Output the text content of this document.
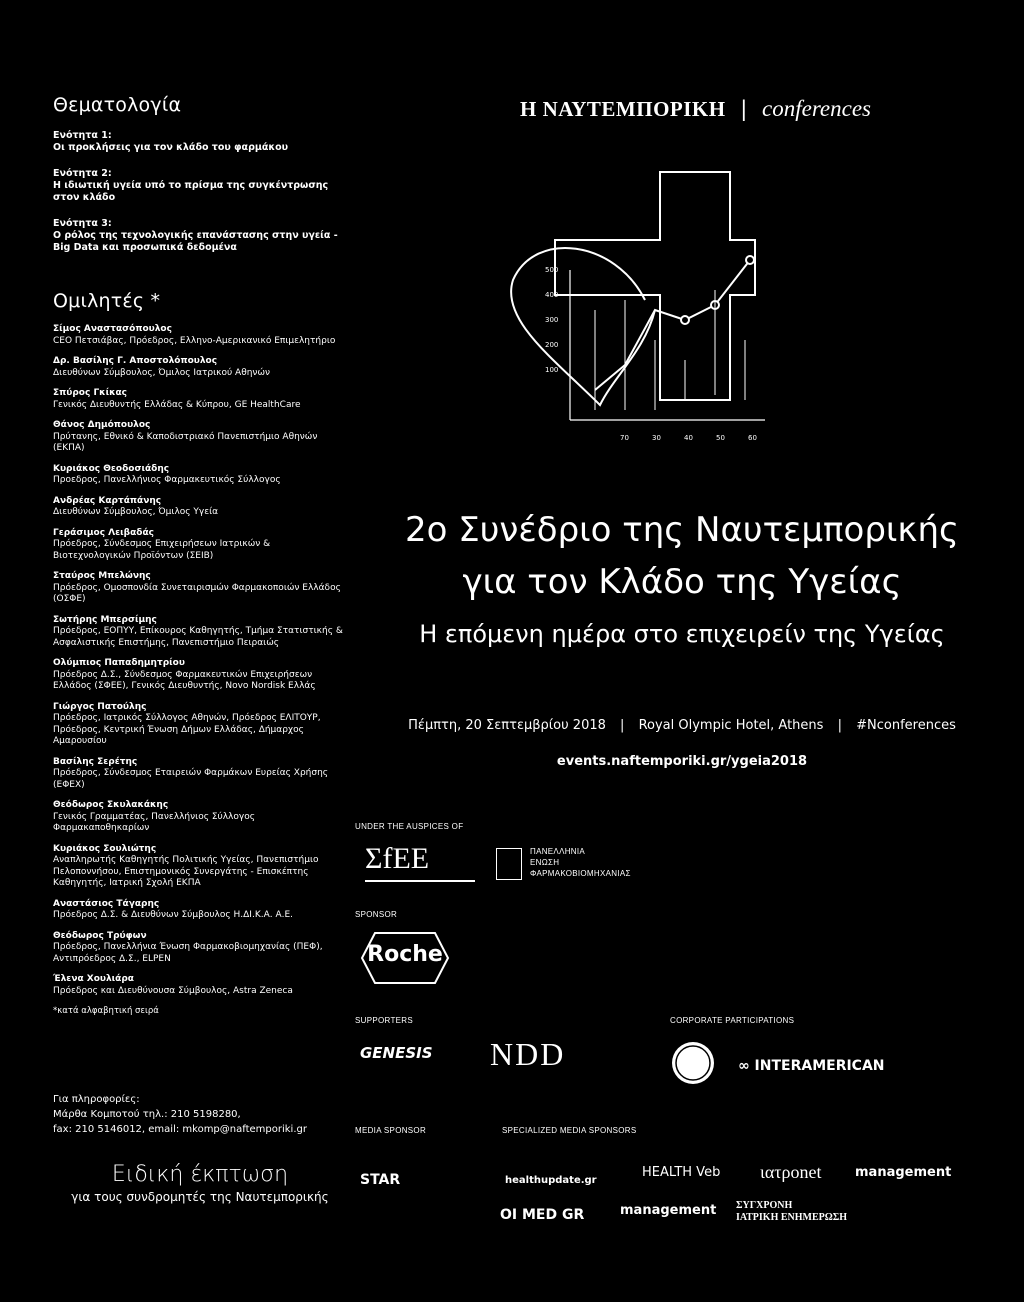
Θεματολογία
Ενότητα 1:
Οι προκλήσεις για τον κλάδο του φαρμάκου
Ενότητα 2:
Η ιδιωτική υγεία υπό το πρίσμα της συγκέντρωσης στον κλάδο
Ενότητα 3:
Ο ρόλος της τεχνολογικής επανάστασης στην υγεία - Big Data και προσωπικά δεδομένα
Ομιλητές *
Σίμος Αναστασόπουλος
CEO Πετσιάβας, Πρόεδρος, Ελληνο-Αμερικανικό Επιμελητήριο
Δρ. Βασίλης Γ. Αποστολόπουλος
Διευθύνων Σύμβουλος, Όμιλος Ιατρικού Αθηνών
Σπύρος Γκίκας
Γενικός Διευθυντής Ελλάδας & Κύπρου, GE HealthCare
Θάνος Δημόπουλος
Πρύτανης, Εθνικό & Καποδιστριακό Πανεπιστήμιο Αθηνών (ΕΚΠΑ)
Κυριάκος Θεοδοσιάδης
Προεδρος, Πανελλήνιος Φαρμακευτικός Σύλλογος
Ανδρέας Καρτάπάνης
Διευθύνων Σύμβουλος, Όμιλος Υγεία
Γεράσιμος Λειβαδάς
Πρόεδρος, Σύνδεσμος Επιχειρήσεων Ιατρικών & Βιοτεχνολογικών Προϊόντων (ΣΕΙΒ)
Σταύρος Μπελώνης
Πρόεδρος, Ομοσπονδία Συνεταιρισμών Φαρμακοποιών Ελλάδος (ΟΣΦΕ)
Σωτήρης Μπερσίμης
Πρόεδρος, ΕΟΠΥΥ, Επίκουρος Καθηγητής, Τμήμα Στατιστικής & Ασφαλιστικής Επιστήμης, Πανεπιστήμιο Πειραιώς
Ολύμπιος Παπαδημητρίου
Πρόεδρος Δ.Σ., Σύνδεσμος Φαρμακευτικών Επιχειρήσεων Ελλάδος (ΣΦΕΕ), Γενικός Διευθυντής, Novo Nordisk Ελλάς
Γιώργος Πατούλης
Πρόεδρος, Ιατρικός Σύλλογος Αθηνών, Πρόεδρος ΕΛΙΤΟΥΡ, Πρόεδρος, Κεντρική Ένωση Δήμων Ελλάδας, Δήμαρχος Αμαρουσίου
Βασίλης Σερέτης
Πρόεδρος, Σύνδεσμος Εταιρειών Φαρμάκων Ευρείας Χρήσης (ΕΦΕΧ)
Θεόδωρος Σκυλακάκης
Γενικός Γραμματέας, Πανελλήνιος Σύλλογος Φαρμακαποθηκαρίων
Κυριάκος Σουλιώτης
Αναπληρωτής Καθηγητής Πολιτικής Υγείας, Πανεπιστήμιο Πελοποννήσου, Επιστημονικός Συνεργάτης - Επισκέπτης Καθηγητής, Ιατρική Σχολή ΕΚΠΑ
Αναστάσιος Τάγαρης
Πρόεδρος Δ.Σ. & Διευθύνων Σύμβουλος Η.ΔΙ.Κ.Α. Α.Ε.
Θεόδωρος Τρύφων
Πρόεδρος, Πανελλήνια Ένωση Φαρμακοβιομηχανίας (ΠΕΦ), Αντιπρόεδρος Δ.Σ., ELPEN
Έλενα Χουλιάρα
Πρόεδρος και Διευθύνουσα Σύμβουλος, Astra Zeneca
*κατά αλφαβητική σειρά
Για πληροφορίες:
Μάρθα Κομποτού τηλ.: 210 5198280,
fax: 210 5146012, email: mkomp@naftemporiki.gr
Ειδική έκπτωση
για τους συνδρομητές της Ναυτεμπορικής
Η ΝΑΥΤΕΜΠΟΡΙΚΗ | conferences
500
400
300
200
100
70	30	40	50	60
2ο Συνέδριο της Ναυτεμπορικής
για τον Κλάδο της Υγείας
Η επόμενη ημέρα στο επιχειρείν της Υγείας
Πέμπτη, 20 Σεπτεμβρίου 2018 | Royal Olympic Hotel, Athens | #Nconferences
events.naftemporiki.gr/ygeia2018
UNDER THE AUSPICES OF
ΣfΕΕ	ΠΑΝΕΛΛΗΝΙΑ
ΕΝΩΣΗ
ΦΑΡΜΑΚΟΒΙΟΜΗΧΑΝΙΑΣ
SPONSOR
Roche
SUPPORTERS
GENESIS NDD
CORPORATE PARTICIPATIONS
∞ INTERAMERICAN
MEDIA SPONSOR	SPECIALIZED MEDIA SPONSORS
STAR	healthupdate.gr
HEALTH Veb ιατρonet	management
OI MED GR	management ΣΥΓΧΡΟΝΗ
ΙΑΤΡΙΚΗ ΕΝΗΜΕΡΩΣΗ
